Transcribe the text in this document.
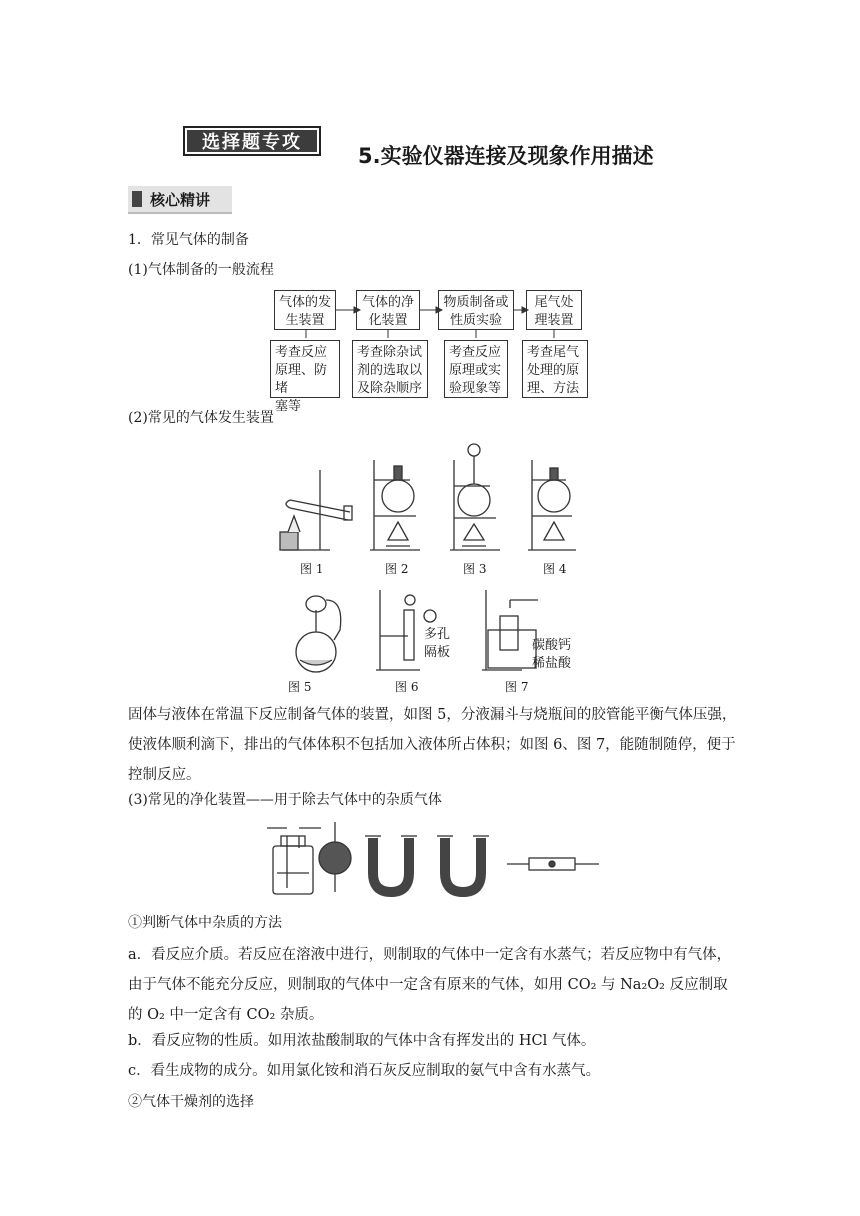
选择题专攻
5.实验仪器连接及现象作用描述
核心精讲
1．常见气体的制备
(1)气体制备的一般流程
气体的发
生装置
气体的净
化装置
物质制备或
性质实验
尾气处
理装置
考查反应
原理、防堵
塞等
考查除杂试
剂的选取以
及除杂顺序
考查反应
原理或实
验现象等
考查尾气
处理的原
理、方法
(2)常见的气体发生装置
图 1	图 2	图 3	图 4
图 5	图 6	图 7
多孔
隔板	碳酸钙
稀盐酸
固体与液体在常温下反应制备气体的装置，如图 5，分液漏斗与烧瓶间的胶管能平衡气体压强，使液体顺利滴下，排出的气体体积不包括加入液体所占体积；如图 6、图 7，能随制随停，便于控制反应。
(3)常见的净化装置——用于除去气体中的杂质气体
①判断气体中杂质的方法
a．看反应介质。若反应在溶液中进行，则制取的气体中一定含有水蒸气；若反应物中有气体，由于气体不能充分反应，则制取的气体中一定含有原来的气体，如用 CO₂ 与 Na₂O₂ 反应制取的 O₂ 中一定含有 CO₂ 杂质。
b．看反应物的性质。如用浓盐酸制取的气体中含有挥发出的 HCl 气体。
c．看生成物的成分。如用氯化铵和消石灰反应制取的氨气中含有水蒸气。
②气体干燥剂的选择
